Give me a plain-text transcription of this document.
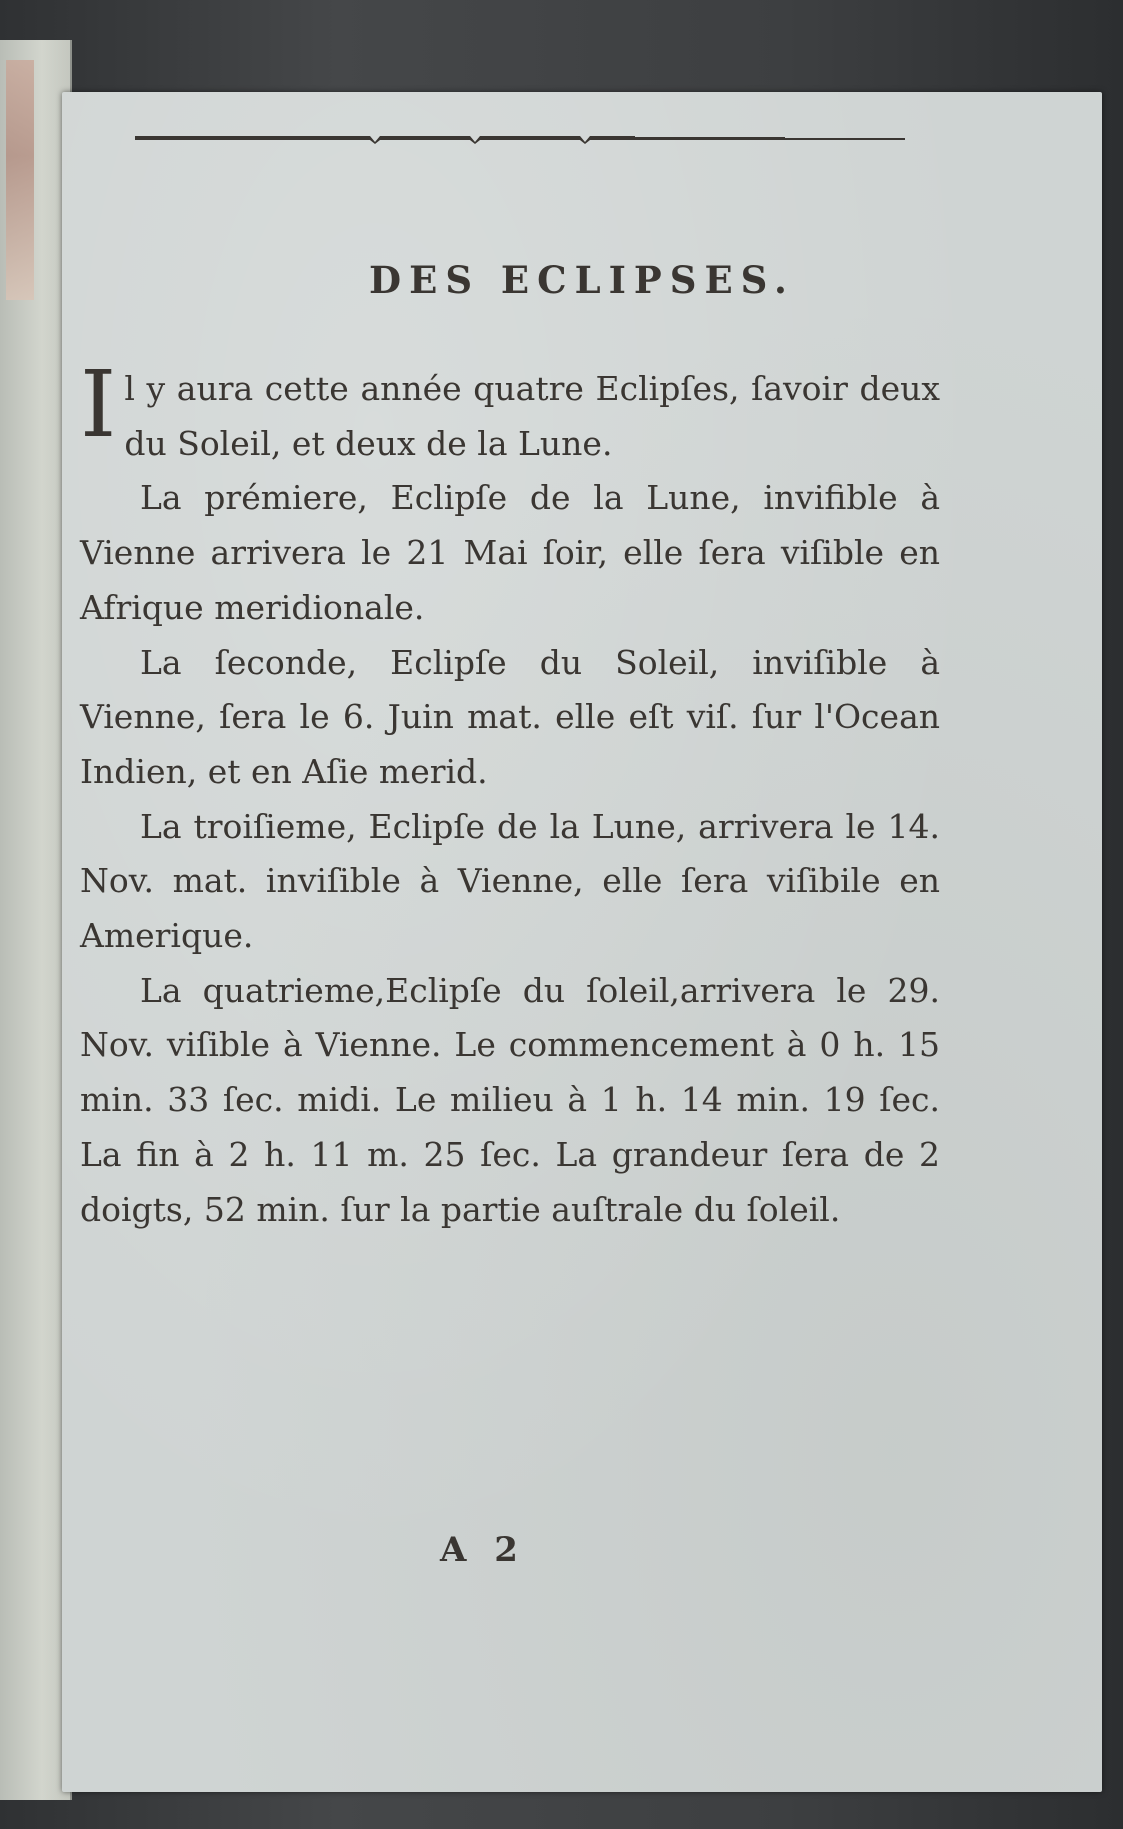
DES ECLIPSES.

Il y aura cette année quatre Eclipſes, ſavoir deux du Soleil, et deux de la Lune.

La prémiere, Eclipſe de la Lune, invifible à Vienne arrivera le 21 Mai ſoir, elle ſera viſible en Afrique meridionale.

La ſeconde, Eclipſe du Soleil, inviſible à Vienne, ſera le 6. Juin mat. elle eſt viſ. ſur l'Ocean Indien, et en Aſie merid.

La troiſieme, Eclipſe de la Lune, arrivera le 14. Nov. mat. inviſible à Vienne, elle ſera viſibile en Amerique.

La quatrieme,Eclipſe du ſoleil,arrivera le 29. Nov. viſible à Vienne. Le commencement à 0 h. 15 min. 33 ſec. midi. Le milieu à 1 h. 14 min. 19 ſec. La fin à 2 h. 11 m. 25 ſec. La grandeur ſera de 2 doigts, 52 min. ſur la partie auſtrale du ſoleil.

A 2
